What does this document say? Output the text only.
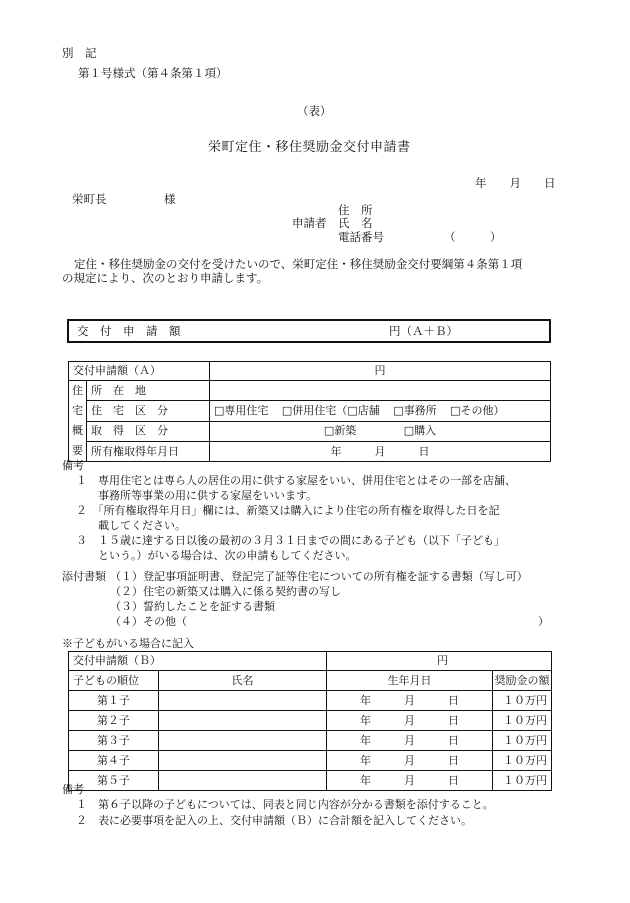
別　記
第１号様式（第４条第１項）
（表）
栄町定住・移住奨励金交付申請書
年　　月　　日
栄町長　　　　　様
申請者
住　所
氏　名
電話番号	（　　　）
定住・移住奨励金の交付を受けたいので、栄町定住・移住奨励金交付要綱第４条第１項
の規定により、次のとおり申請します。
交　付　申　請　額	円（Ａ＋Ｂ）
交付申請額（Ａ）		円

住
宅
概
要	所　在　地	
	住　宅　区　分	□専用住宅 □併用住宅（□店舗 □事務所 □その他）
	取　得　区　分	□新築 □購入
	所有権取得年月日	年　　　月　　　日
備考
１　専用住宅とは専ら人の居住の用に供する家屋をいい、併用住宅とはその一部を店舗、
　　事務所等事業の用に供する家屋をいいます。
２　「所有権取得年月日」欄には、新築又は購入により住宅の所有権を取得した日を記
　　載してください。
３　１５歳に達する日以後の最初の３月３１日までの間にある子ども（以下「子ども」
　　という。）がいる場合は、次の申請もしてください。
添付書類 （１）登記事項証明書、登記完了証等住宅についての所有権を証する書類（写し可）
（２）住宅の新築又は購入に係る契約書の写し
（３）誓約したことを証する書類
（４）その他（	）
※子どもがいる場合に記入
交付申請額（Ｂ）		円
子どもの順位	氏名	生年月日 奨励金の額

第１子		年　　　月　　　日 １０万円

第２子		年　　　月　　　日 １０万円

第３子		年　　　月　　　日 １０万円

第４子		年　　　月　　　日 １０万円

第５子		年　　　月　　　日 １０万円
備考
１　第６子以降の子どもについては、同表と同じ内容が分かる書類を添付すること。
２　表に必要事項を記入の上、交付申請額（Ｂ）に合計額を記入してください。
